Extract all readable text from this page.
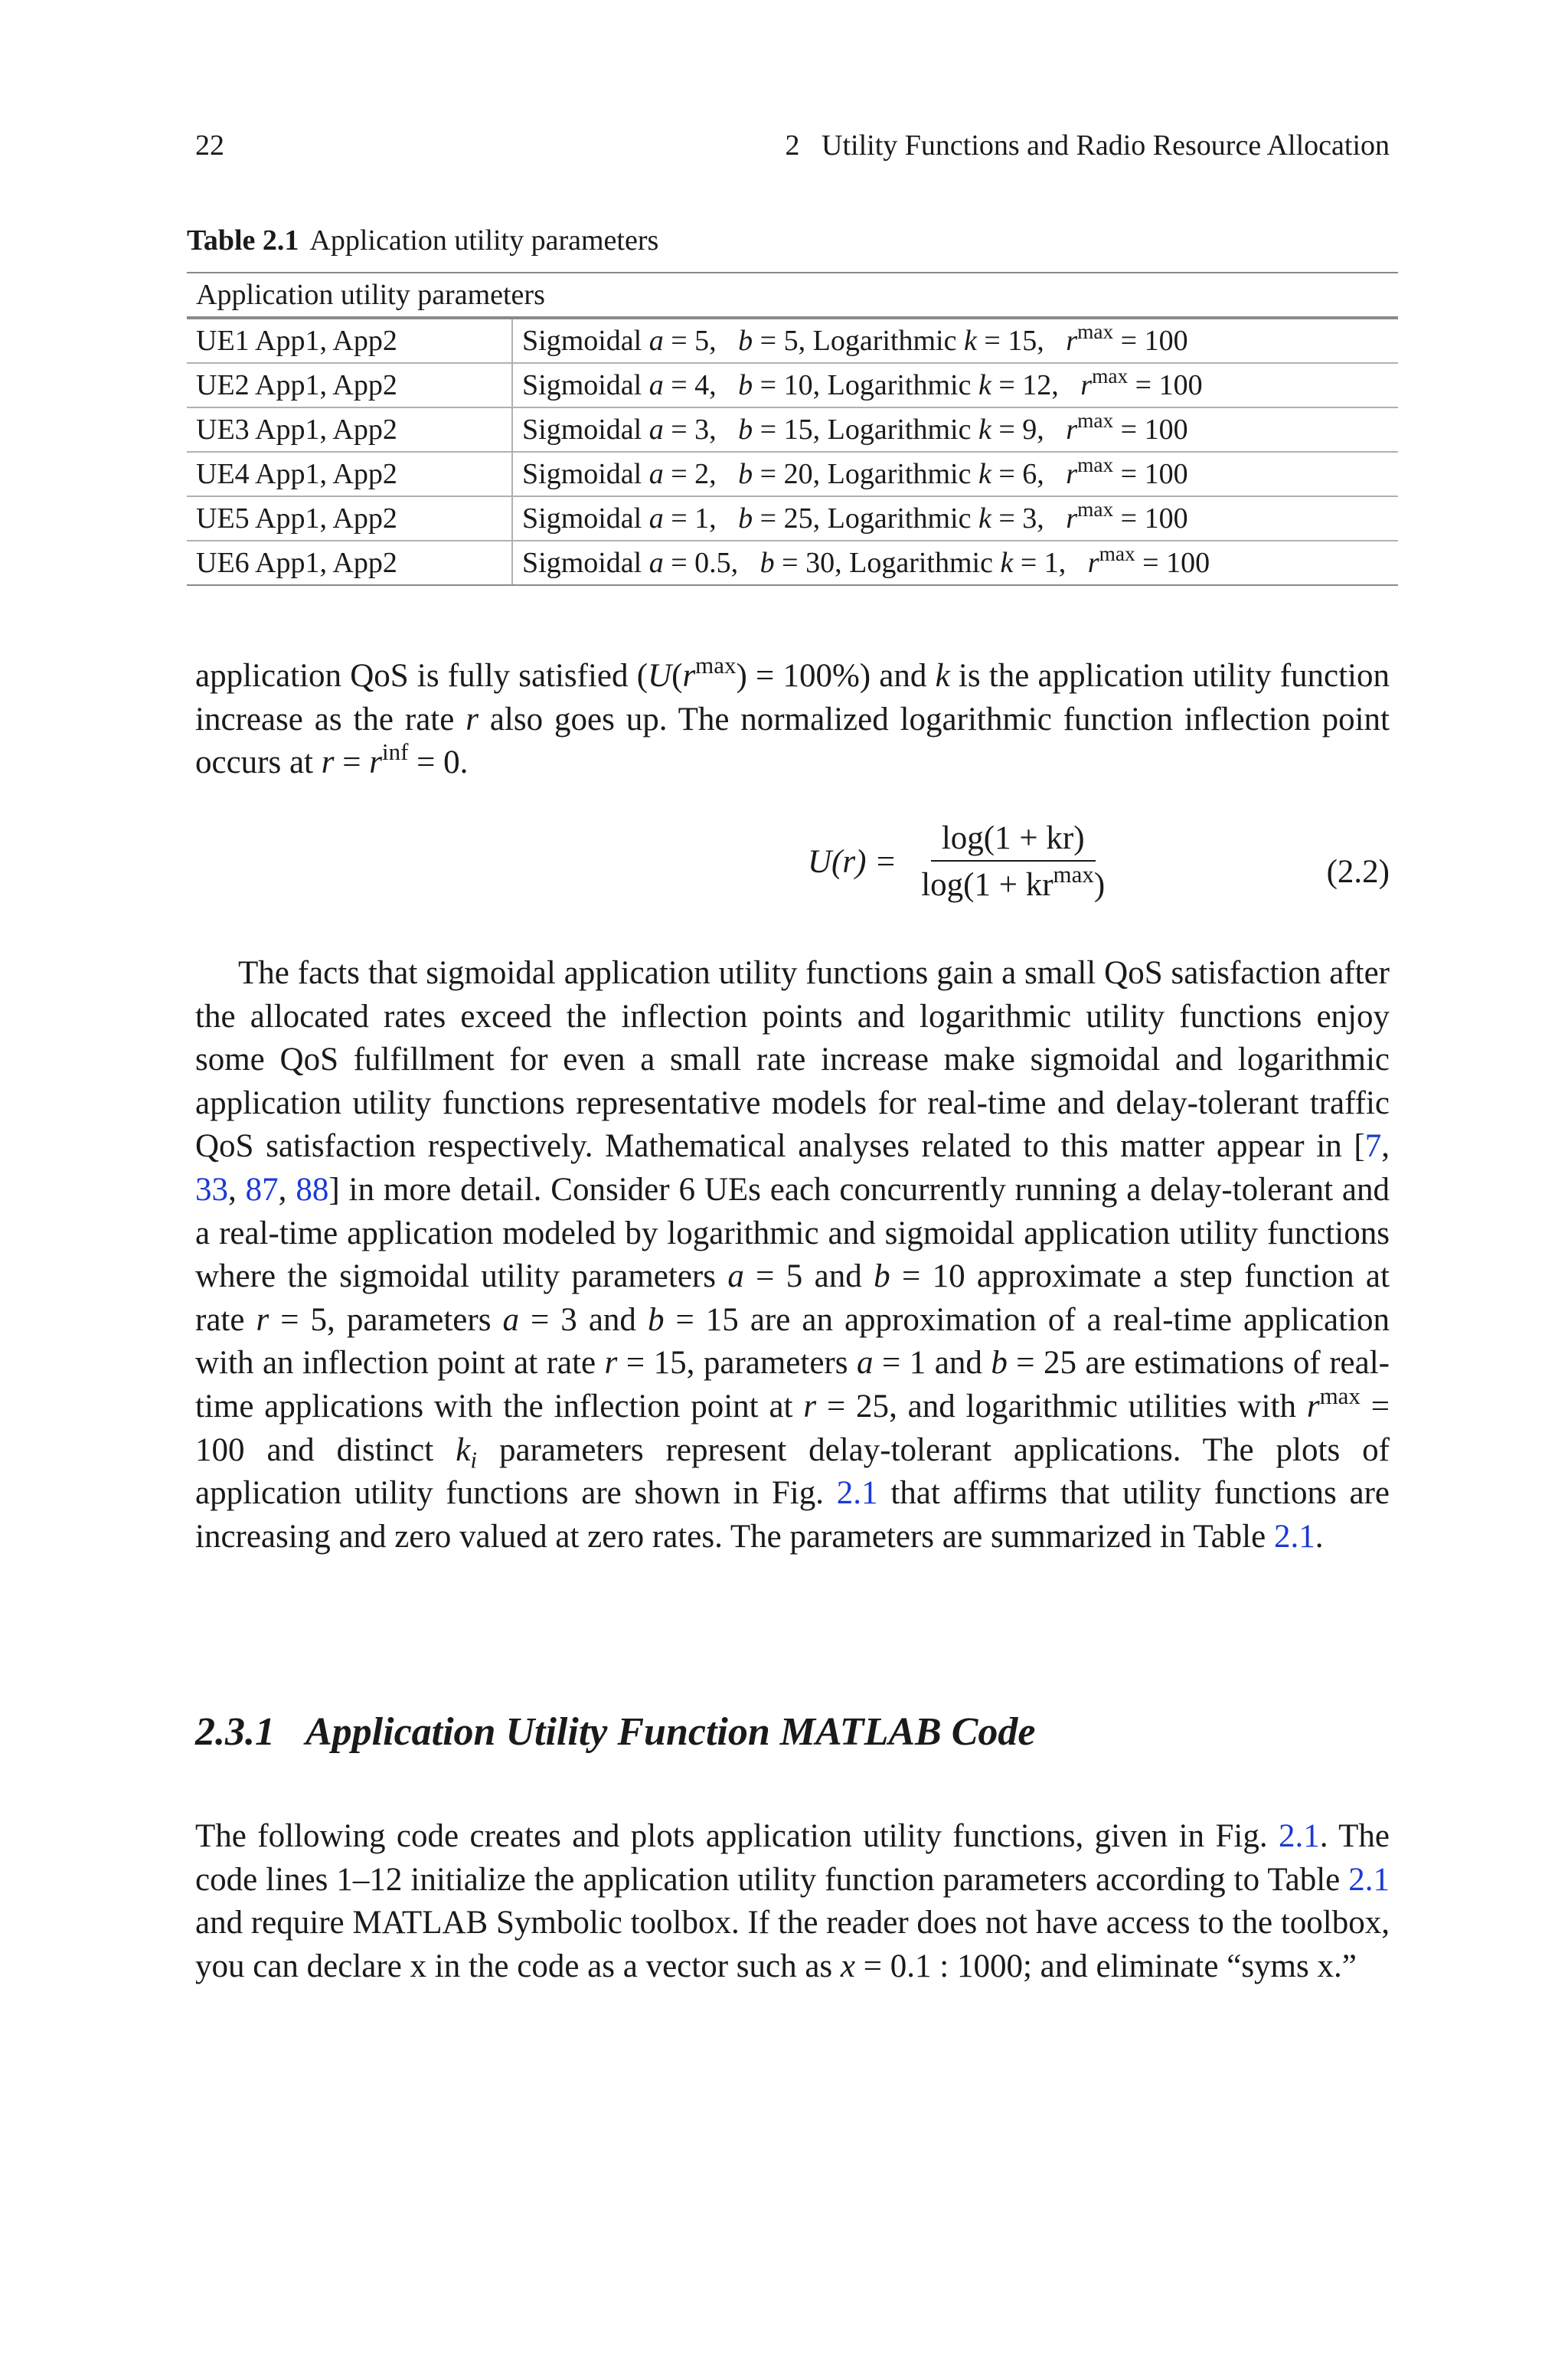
22	2   Utility Functions and Radio Resource Allocation
Table 2.1 Application utility parameters
Application utility parameters	
UE1 App1, App2	Sigmoidal a = 5,   b = 5, Logarithmic k = 15,   $r^{max} = 100$
UE2 App1, App2	Sigmoidal a = 4,   b = 10, Logarithmic k = 12,   $r^{max} = 100$
UE3 App1, App2	Sigmoidal a = 3,   b = 15, Logarithmic k = 9,   $r^{max} = 100$
UE4 App1, App2	Sigmoidal a = 2,   b = 20, Logarithmic k = 6,   $r^{max} = 100$
UE5 App1, App2	Sigmoidal a = 1,   b = 25, Logarithmic k = 3,   $r^{max} = 100$
UE6 App1, App2	Sigmoidal a = 0.5,   b = 30, Logarithmic k = 1,   $r^{max} = 100$

application QoS is fully satisfied $(U(r^{max}) = 100\%)$ and k is the application utility function increase as the rate r also goes up. The normalized logarithmic function inflection point occurs at $r = r^{inf} = 0$.

$U(r) = \frac{\log(1 + kr)}{\log(1 + kr^{max})}$	(2.2)

The facts that sigmoidal application utility functions gain a small QoS satisfaction after the allocated rates exceed the inflection points and logarithmic utility functions enjoy some QoS fulfillment for even a small rate increase make sigmoidal and logarithmic application utility functions representative models for real-time and delay-tolerant traffic QoS satisfaction respectively. Mathematical analyses related to this matter appear in [7, 33, 87, 88] in more detail. Consider 6 UEs each concurrently running a delay-tolerant and a real-time application modeled by logarithmic and sigmoidal application utility functions where the sigmoidal utility parameters a = 5 and b = 10 approximate a step function at rate r = 5, parameters a = 3 and b = 15 are an approximation of a real-time application with an inflection point at rate r = 15, parameters a = 1 and b = 25 are estimations of real-time applications with the inflection point at r = 25, and logarithmic utilities with $r^{max} = 100$ and distinct $k_i$ parameters represent delay-tolerant applications. The plots of application utility functions are shown in Fig. 2.1 that affirms that utility functions are increasing and zero valued at zero rates. The parameters are summarized in Table 2.1.

2.3.1 Application Utility Function MATLAB Code

The following code creates and plots application utility functions, given in Fig. 2.1. The code lines 1–12 initialize the application utility function parameters according to Table 2.1 and require MATLAB Symbolic toolbox. If the reader does not have access to the toolbox, you can declare x in the code as a vector such as x = 0.1 : 1000; and eliminate “syms x.”
